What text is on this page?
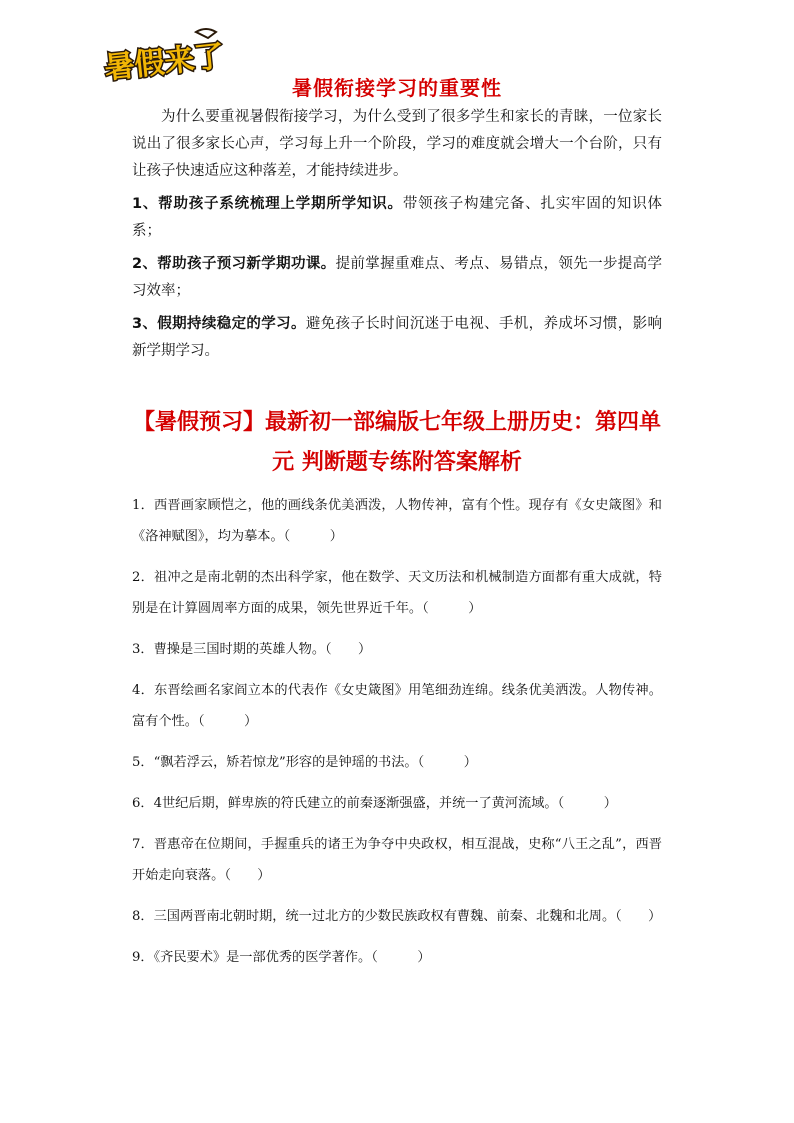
暑假来了
暑假衔接学习的重要性

为什么要重视暑假衔接学习，为什么受到了很多学生和家长的青睐，一位家长说出了很多家长心声，学习每上升一个阶段，学习的难度就会增大一个台阶，只有让孩子快速适应这种落差，才能持续进步。

1、帮助孩子系统梳理上学期所学知识。带领孩子构建完备、扎实牢固的知识体系；

2、帮助孩子预习新学期功课。提前掌握重难点、考点、易错点，领先一步提高学习效率；

3、假期持续稳定的学习。避免孩子长时间沉迷于电视、手机，养成坏习惯，影响新学期学习。

【暑假预习】最新初一部编版七年级上册历史：第四单元 判断题专练附答案解析

1．西晋画家顾恺之，他的画线条优美洒泼，人物传神，富有个性。现存有《女史箴图》和《洛神赋图》，均为摹本。（　　　）

2．祖冲之是南北朝的杰出科学家，他在数学、天文历法和机械制造方面都有重大成就，特别是在计算圆周率方面的成果，领先世界近千年。（　　　）

3．曹操是三国时期的英雄人物。（　　）

4．东晋绘画名家阎立本的代表作《女史箴图》用笔细劲连绵。线条优美洒泼。人物传神。富有个性。（　　　）

5．“飘若浮云，矫若惊龙”形容的是钟瑶的书法。（　　　）

6．4世纪后期，鲜卑族的符氏建立的前秦逐渐强盛，并统一了黄河流域。（　　　）

7．晋惠帝在位期间，手握重兵的诸王为争夺中央政权，相互混战，史称“八王之乱”，西晋开始走向衰落。（　　）

8．三国两晋南北朝时期，统一过北方的少数民族政权有曹魏、前秦、北魏和北周。（　　）

9．《齐民要术》是一部优秀的医学著作。（　　　）
